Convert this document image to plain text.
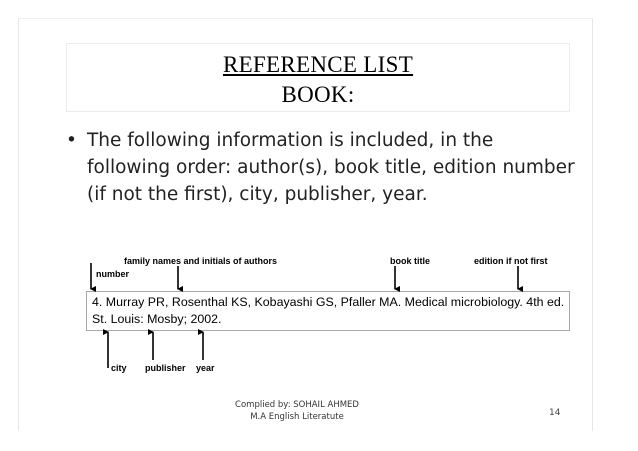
REFERENCE LIST
BOOK:
• The following information is included, in the following order: author(s), book title, edition number (if not the first), city, publisher, year.
family names and initials of authors
number
book title	edition if not first
4. Murray PR, Rosenthal KS, Kobayashi GS, Pfaller MA. Medical microbiology. 4th ed.
St. Louis: Mosby; 2002.
city publisher year
Complied by: SOHAIL AHMED
M.A English Literatute	14
